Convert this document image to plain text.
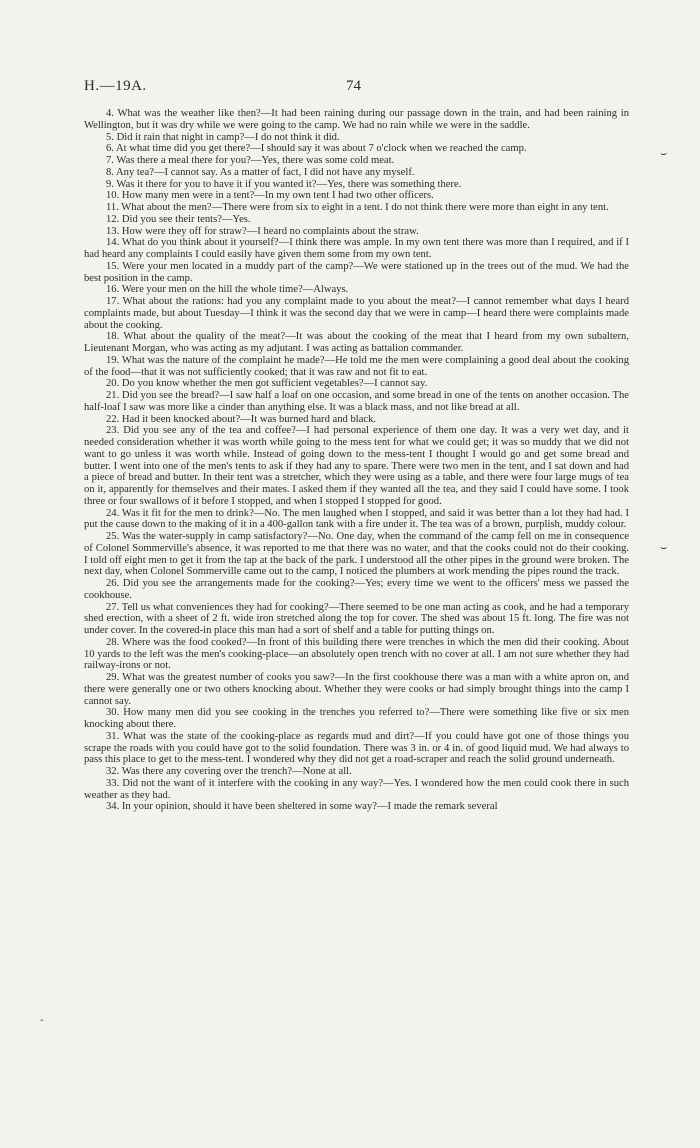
H.—19A.	74

4. What was the weather like then?—It had been raining during our passage down in the train, and had been raining in Wellington, but it was dry while we were going to the camp. We had no rain while we were in the saddle.

5. Did it rain that night in camp?—I do not think it did.

6. At what time did you get there?—I should say it was about 7 o'clock when we reached the camp.

7. Was there a meal there for you?—Yes, there was some cold meat.

8. Any tea?—I cannot say. As a matter of fact, I did not have any myself.

9. Was it there for you to have it if you wanted it?—Yes, there was something there.

10. How many men were in a tent?—In my own tent I had two other officers.

11. What about the men?—There were from six to eight in a tent. I do not think there were more than eight in any tent.

12. Did you see their tents?—Yes.

13. How were they off for straw?—I heard no complaints about the straw.

14. What do you think about it yourself?—I think there was ample. In my own tent there was more than I required, and if I had heard any complaints I could easily have given them some from my own tent.

15. Were your men located in a muddy part of the camp?—We were stationed up in the trees out of the mud. We had the best position in the camp.

16. Were your men on the hill the whole time?—Always.

17. What about the rations: had you any complaint made to you about the meat?—I cannot remember what days I heard complaints made, but about Tuesday—I think it was the second day that we were in camp—I heard there were complaints made about the cooking.

18. What about the quality of the meat?—It was about the cooking of the meat that I heard from my own subaltern, Lieutenant Morgan, who was acting as my adjutant. I was acting as battalion commander.

19. What was the nature of the complaint he made?—He told me the men were complaining a good deal about the cooking of the food—that it was not sufficiently cooked; that it was raw and not fit to eat.

20. Do you know whether the men got sufficient vegetables?—I cannot say.

21. Did you see the bread?—I saw half a loaf on one occasion, and some bread in one of the tents on another occasion. The half-loaf I saw was more like a cinder than anything else. It was a black mass, and not like bread at all.

22. Had it been knocked about?—It was burned hard and black.

23. Did you see any of the tea and coffee?—I had personal experience of them one day. It was a very wet day, and it needed consideration whether it was worth while going to the mess tent for what we could get; it was so muddy that we did not want to go unless it was worth while. Instead of going down to the mess-tent I thought I would go and get some bread and butter. I went into one of the men's tents to ask if they had any to spare. There were two men in the tent, and I sat down and had a piece of bread and butter. In their tent was a stretcher, which they were using as a table, and there were four large mugs of tea on it, apparently for themselves and their mates. I asked them if they wanted all the tea, and they said I could have some. I took three or four swallows of it before I stopped, and when I stopped I stopped for good.

24. Was it fit for the men to drink?—No. The men laughed when I stopped, and said it was better than a lot they had had. I put the cause down to the making of it in a 400-gallon tank with a fire under it. The tea was of a brown, purplish, muddy colour.

25. Was the water-supply in camp satisfactory?—No. One day, when the command of the camp fell on me in consequence of Colonel Sommerville's absence, it was reported to me that there was no water, and that the cooks could not do their cooking. I told off eight men to get it from the tap at the back of the park. I understood all the other pipes in the ground were broken. The next day, when Colonel Sommerville came out to the camp, I noticed the plumbers at work mending the pipes round the track.

26. Did you see the arrangements made for the cooking?—Yes; every time we went to the officers' mess we passed the cookhouse.

27. Tell us what conveniences they had for cooking?—There seemed to be one man acting as cook, and he had a temporary shed erection, with a sheet of 2 ft. wide iron stretched along the top for cover. The shed was about 15 ft. long. The fire was not under cover. In the covered-in place this man had a sort of shelf and a table for putting things on.

28. Where was the food cooked?—In front of this building there were trenches in which the men did their cooking. About 10 yards to the left was the men's cooking-place—an absolutely open trench with no cover at all. I am not sure whether they had railway-irons or not.

29. What was the greatest number of cooks you saw?—In the first cookhouse there was a man with a white apron on, and there were generally one or two others knocking about. Whether they were cooks or had simply brought things into the camp I cannot say.

30. How many men did you see cooking in the trenches you referred to?—There were something like five or six men knocking about there.

31. What was the state of the cooking-place as regards mud and dirt?—If you could have got one of those things you scrape the roads with you could have got to the solid foundation. There was 3 in. or 4 in. of good liquid mud. We had always to pass this place to get to the mess-tent. I wondered why they did not get a road-scraper and reach the solid ground underneath.

32. Was there any covering over the trench?—None at all.

33. Did not the want of it interfere with the cooking in any way?—Yes. I wondered how the men could cook there in such weather as they had.

34. In your opinion, should it have been sheltered in some way?—I made the remark several

⌣
⌣
ˆ
